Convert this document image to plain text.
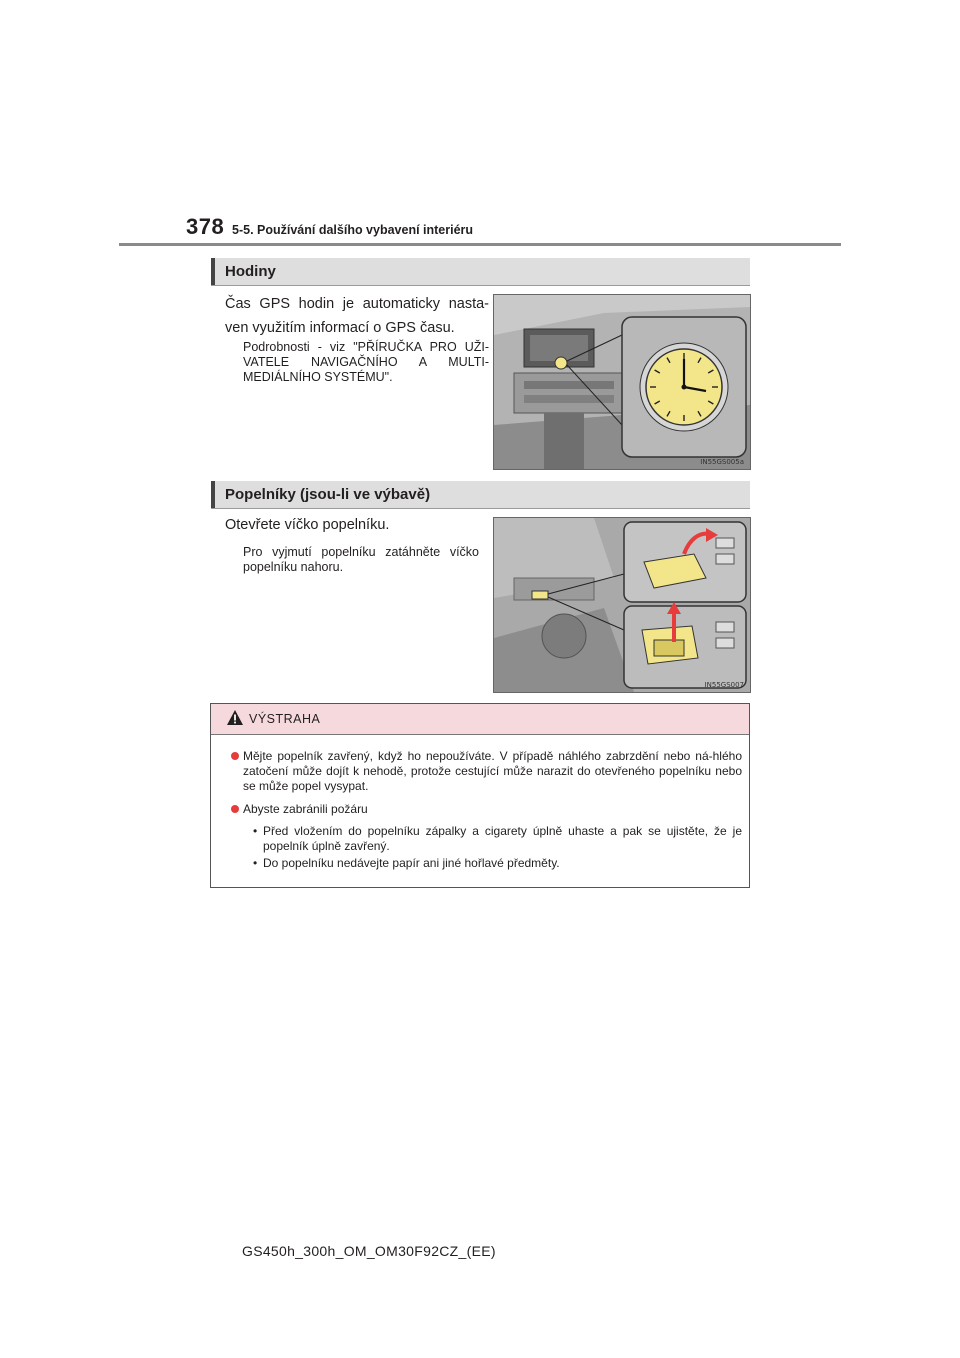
378 5-5. Používání dalšího vybavení interiéru
Hodiny
Čas GPS hodin je automaticky nasta-ven využitím informací o GPS času.
Podrobnosti - viz "PŘÍRUČKA PRO UŽI-VATELE NAVIGAČNÍHO A MULTI-MEDIÁLNÍHO SYSTÉMU".
IN55GS005a
Popelníky (jsou-li ve výbavě)
Otevřete víčko popelníku.
Pro vyjmutí popelníku zatáhněte víčko popelníku nahoru.
IN55GS007
VÝSTRAHA
Mějte popelník zavřený, když ho nepoužíváte. V případě náhlého zabrzdění nebo ná-hlého zatočení může dojít k nehodě, protože cestující může narazit do otevřeného popelníku nebo se může popel vysypat.
Abyste zabránili požáru
• Před vložením do popelníku zápalky a cigarety úplně uhaste a pak se ujistěte, že je popelník úplně zavřený.
• Do popelníku nedávejte papír ani jiné hořlavé předměty.
GS450h_300h_OM_OM30F92CZ_(EE)
